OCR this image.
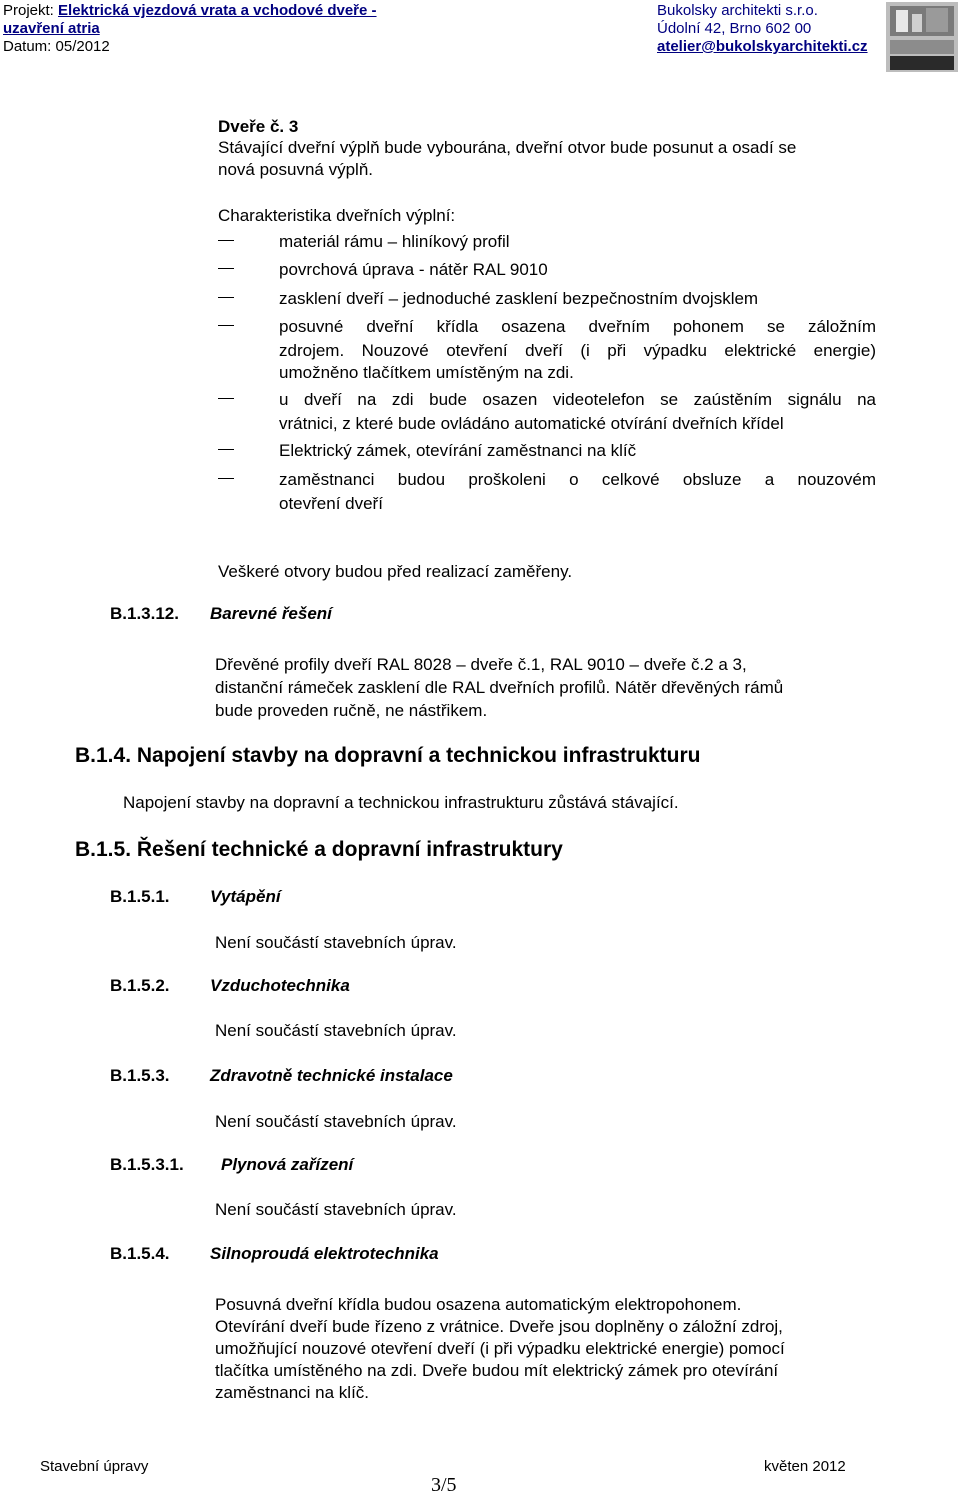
Projekt: Elektrická vjezdová vrata a vchodové dveře -
uzavření atria
Datum: 05/2012
Bukolsky architekti s.r.o.
Údolní 42, Brno 602 00
atelier@bukolskyarchitekti.cz
Dveře č. 3
Stávající dveřní výplň bude vybourána, dveřní otvor bude posunut a osadí se
nová posuvná výplň.
Charakteristika dveřních výplní:
materiál rámu – hliníkový profil
povrchová úprava - nátěr RAL 9010
zasklení dveří – jednoduché zasklení bezpečnostním dvojsklem
posuvné dveřní křídla osazena dveřním pohonem se záložním
zdrojem. Nouzové otevření dveří (i při výpadku elektrické energie)
umožněno tlačítkem umístěným na zdi.
u dveří na zdi bude osazen videotelefon se zaústěním signálu na
vrátnici, z které bude ovládáno automatické otvírání dveřních křídel
Elektrický zámek, otevírání zaměstnanci na klíč
zaměstnanci budou proškoleni o celkové obsluze a nouzovém
otevření dveří
Veškeré otvory budou před realizací zaměřeny.
B.1.3.12. Barevné řešení
Dřevěné profily dveří RAL 8028 – dveře č.1, RAL 9010 – dveře č.2 a 3,
distanční rámeček zasklení dle RAL dveřních profilů. Nátěr dřevěných rámů
bude proveden ručně, ne nástřikem.
B.1.4. Napojení stavby na dopravní a technickou infrastrukturu
Napojení stavby na dopravní a technickou infrastrukturu zůstává stávající.
B.1.5. Řešení technické a dopravní infrastruktury
B.1.5.1. Vytápění
Není součástí stavebních úprav.
B.1.5.2. Vzduchotechnika
Není součástí stavebních úprav.
B.1.5.3. Zdravotně technické instalace
Není součástí stavebních úprav.
B.1.5.3.1. Plynová zařízení
Není součástí stavebních úprav.
B.1.5.4. Silnoproudá elektrotechnika
Posuvná dveřní křídla budou osazena automatickým elektropohonem.
Otevírání dveří bude řízeno z vrátnice. Dveře jsou doplněny o záložní zdroj,
umožňující nouzové otevření dveří (i při výpadku elektrické energie) pomocí
tlačítka umístěného na zdi. Dveře budou mít elektrický zámek pro otevírání
zaměstnanci na klíč.
Stavební úpravy	květen 2012
3/5
